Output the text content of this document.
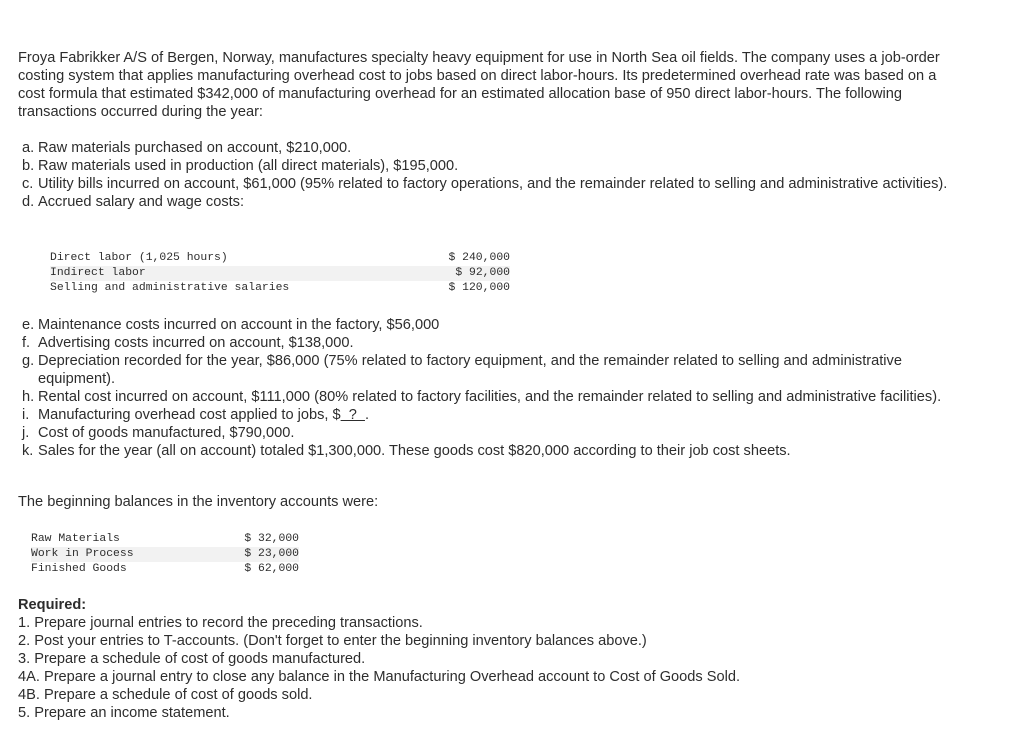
Froya Fabrikker A/S of Bergen, Norway, manufactures specialty heavy equipment for use in North Sea oil fields. The company uses a job-order costing system that applies manufacturing overhead cost to jobs based on direct labor-hours. Its predetermined overhead rate was based on a cost formula that estimated $342,000 of manufacturing overhead for an estimated allocation base of 950 direct labor-hours. The following transactions occurred during the year:
a. Raw materials purchased on account, $210,000.
b. Raw materials used in production (all direct materials), $195,000.
c. Utility bills incurred on account, $61,000 (95% related to factory operations, and the remainder related to selling and administrative activities).
d. Accrued salary and wage costs:
Direct labor (1,025 hours)	$ 240,000
Indirect labor	$ 92,000
Selling and administrative salaries	$ 120,000
e. Maintenance costs incurred on account in the factory, $56,000
f. Advertising costs incurred on account, $138,000.
g. Depreciation recorded for the year, $86,000 (75% related to factory equipment, and the remainder related to selling and administrative equipment).
h. Rental cost incurred on account, $111,000 (80% related to factory facilities, and the remainder related to selling and administrative facilities).
i. Manufacturing overhead cost applied to jobs, $  ?  .
j. Cost of goods manufactured, $790,000.
k. Sales for the year (all on account) totaled $1,300,000. These goods cost $820,000 according to their job cost sheets.
The beginning balances in the inventory accounts were:
Raw Materials	$ 32,000
Work in Process	$ 23,000
Finished Goods	$ 62,000
Required:
1. Prepare journal entries to record the preceding transactions.
2. Post your entries to T-accounts. (Don't forget to enter the beginning inventory balances above.)
3. Prepare a schedule of cost of goods manufactured.
4A. Prepare a journal entry to close any balance in the Manufacturing Overhead account to Cost of Goods Sold.
4B. Prepare a schedule of cost of goods sold.
5. Prepare an income statement.
